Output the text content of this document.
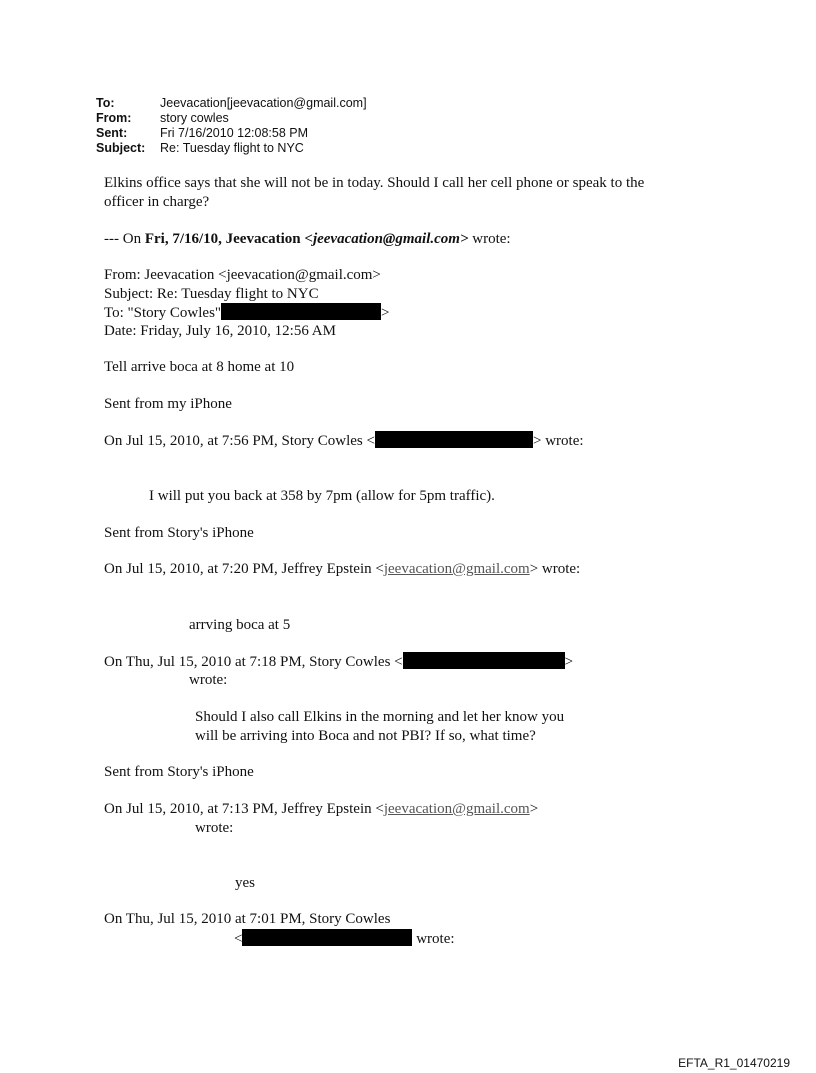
To:	Jeevacation[jeevacation@gmail.com]
From:	story cowles
Sent:	Fri 7/16/2010 12:08:58 PM
Subject:	Re: Tuesday flight to NYC
Elkins office says that she will not be in today. Should I call her cell phone or speak to the
officer in charge?
--- On Fri, 7/16/10, Jeevacation <jeevacation@gmail.com> wrote:
From: Jeevacation <jeevacation@gmail.com>
Subject: Re: Tuesday flight to NYC
To: "Story Cowles"	>
Date: Friday, July 16, 2010, 12:56 AM
Tell arrive boca at 8 home at 10
Sent from my iPhone
On Jul 15, 2010, at 7:56 PM, Story Cowles <	> wrote:
I will put you back at 358 by 7pm (allow for 5pm traffic).
Sent from Story's iPhone
On Jul 15, 2010, at 7:20 PM, Jeffrey Epstein <jeevacation@gmail.com> wrote:
arrving boca at 5
On Thu, Jul 15, 2010 at 7:18 PM, Story Cowles <	>
wrote:
Should I also call Elkins in the morning and let her know you
will be arriving into Boca and not PBI? If so, what time?
Sent from Story's iPhone
On Jul 15, 2010, at 7:13 PM, Jeffrey Epstein <jeevacation@gmail.com>
wrote:
yes
On Thu, Jul 15, 2010 at 7:01 PM, Story Cowles
<	wrote:
EFTA_R1_01470219
